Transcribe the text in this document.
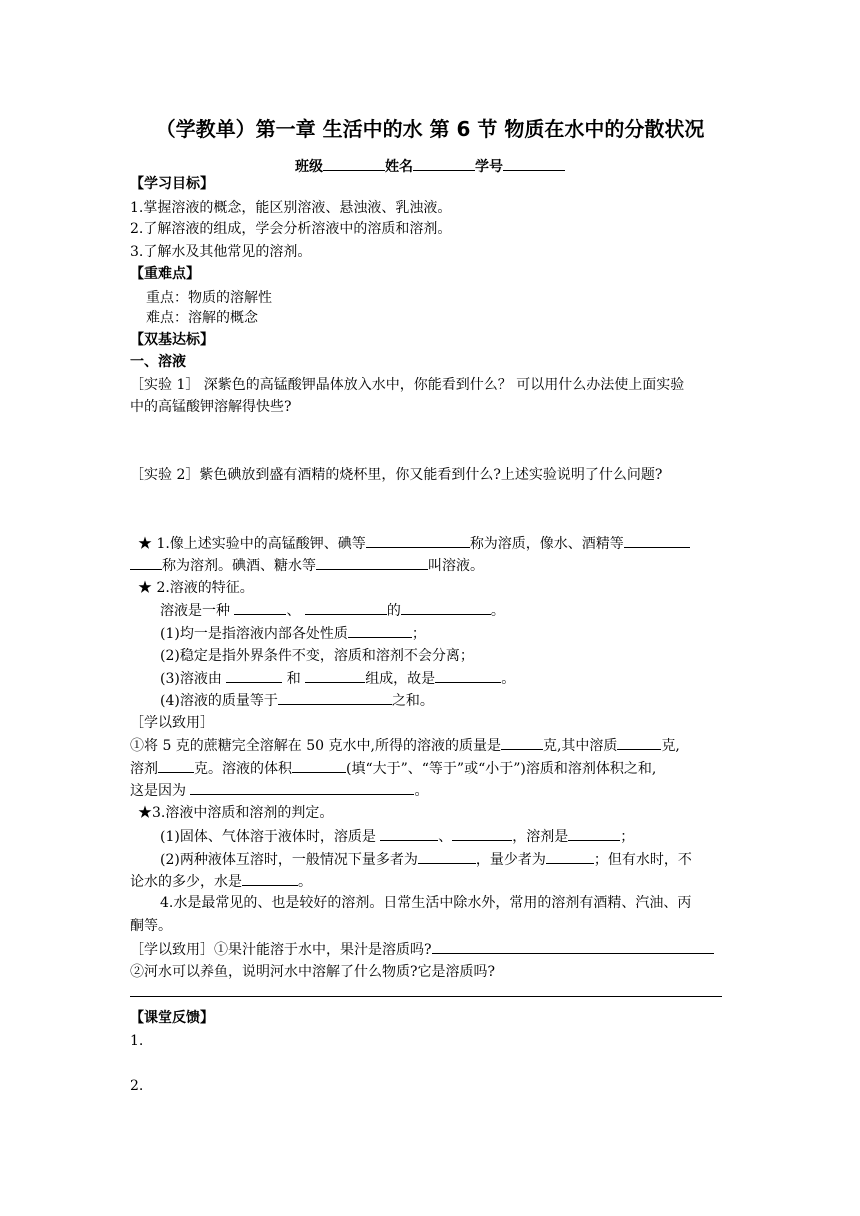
（学教单）第一章 生活中的水 第 6 节 物质在水中的分散状况
班级	姓名	学号
【学习目标】
1.掌握溶液的概念，能区别溶液、悬浊液、乳浊液。
2.了解溶液的组成，学会分析溶液中的溶质和溶剂。
3.了解水及其他常见的溶剂。
【重难点】
重点：物质的溶解性
难点：溶解的概念
【双基达标】
一、溶液
［实验 1］ 深紫色的高锰酸钾晶体放入水中，你能看到什么？ 可以用什么办法使上面实验
中的高锰酸钾溶解得快些?
［实验 2］紫色碘放到盛有酒精的烧杯里，你又能看到什么?上述实验说明了什么问题?
★ 1.像上述实验中的高锰酸钾、碘等	称为溶质，像水、酒精等
称为溶剂。碘酒、糖水等	叫溶液。
★ 2.溶液的特征。
溶液是一种	、	的	。
(1)均一是指溶液内部各处性质	；
(2)稳定是指外界条件不变，溶质和溶剂不会分离；
(3)溶液由	和	组成，故是	。
(4)溶液的质量等于	之和。
［学以致用］
①将 5 克的蔗糖完全溶解在 50 克水中,所得的溶液的质量是	克,其中溶质	克,
溶剂	克。溶液的体积	(填“大于”、“等于”或“小于”)溶质和溶剂体积之和,
这是因为	。
★3.溶液中溶质和溶剂的判定。
(1)固体、气体溶于液体时，溶质是	、	，溶剂是	；
(2)两种液体互溶时，一般情况下量多者为	，量少者为	；但有水时，不
论水的多少，水是	。
4.水是最常见的、也是较好的溶剂。日常生活中除水外，常用的溶剂有酒精、汽油、丙
酮等。
［学以致用］①果汁能溶于水中，果汁是溶质吗?
②河水可以养鱼，说明河水中溶解了什么物质?它是溶质吗?
【课堂反馈】
1.
2.
